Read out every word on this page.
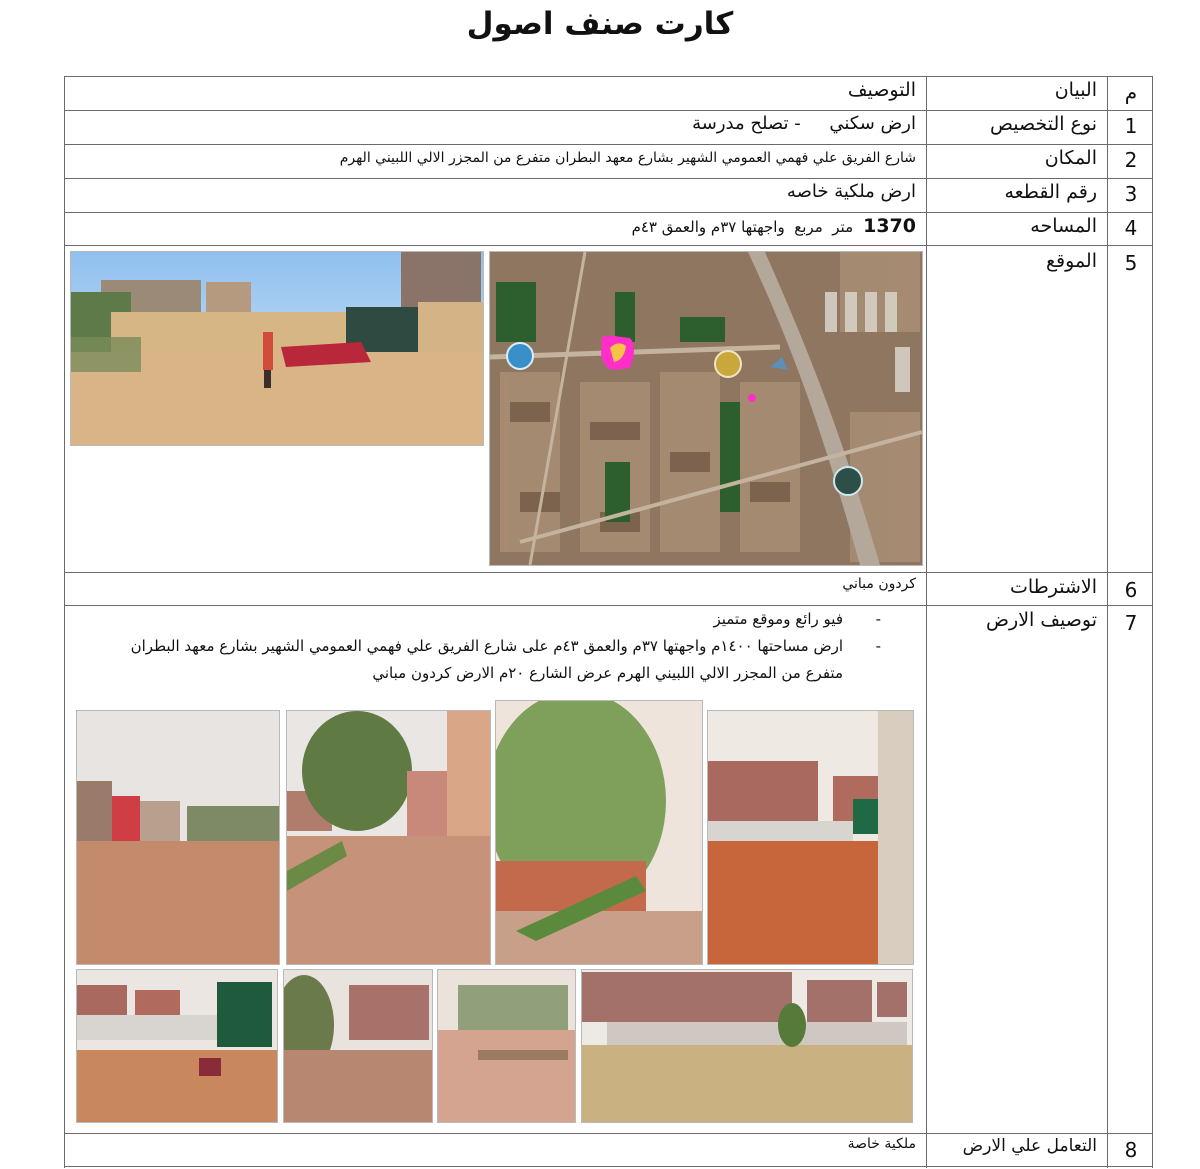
كارت صنف اصول
م
البيان
التوصيف
1
نوع التخصيص
ارض سكني     - تصلح مدرسة
2
المكان
شارع الفريق علي فهمي العمومي الشهير بشارع معهد البطران متفرع من المجزر الالي اللبيني الهرم
3
رقم القطعه
ارض ملكية خاصه
4
المساحه
1370
متر  مربع  واجهتها ٣٧م والعمق ٤٣م
5
الموقع
6
الاشترطات
كردون مباني
7
توصيف الارض
-
فيو رائع وموقع متميز
-
ارض مساحتها ١٤٠٠م واجهتها ٣٧م والعمق ٤٣م على شارع الفريق علي فهمي العمومي الشهير بشارع معهد البطران
متفرع من المجزر الالي اللبيني الهرم عرض الشارع ٢٠م الارض كردون مباني
8
التعامل علي الارض
ملكية خاصة
